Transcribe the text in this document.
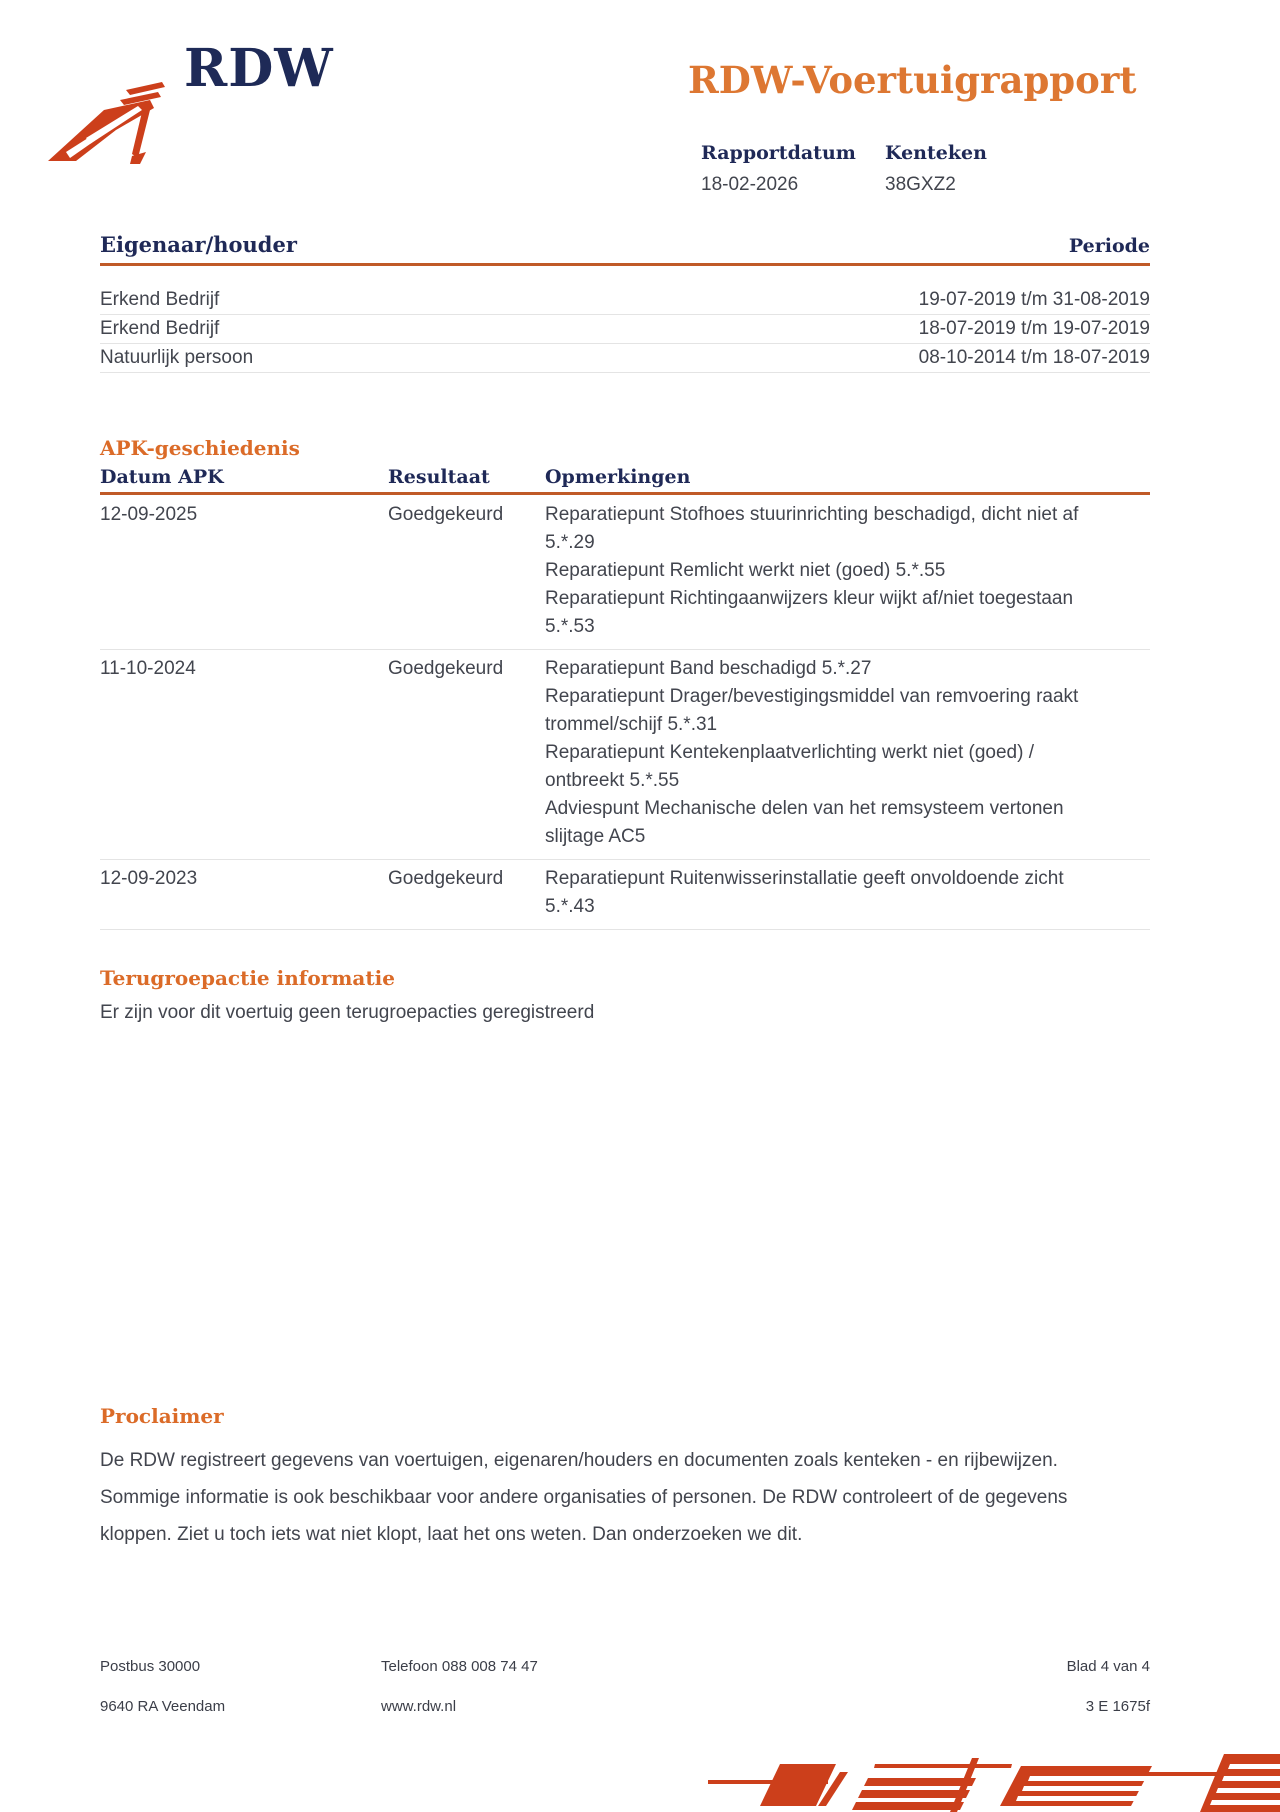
RDW	RDW-Voertuigrapport
Rapportdatum Kenteken
18-02-2026	38GXZ2
Eigenaar/houder	Periode
Erkend Bedrijf	19-07-2019 t/m 31-08-2019
Erkend Bedrijf	18-07-2019 t/m 19-07-2019
Natuurlijk persoon	08-10-2014 t/m 18-07-2019
APK-geschiedenis
Datum APK	Resultaat	Opmerkingen
12-09-2025	Goedgekeurd	Reparatiepunt Stofhoes stuurinrichting beschadigd, dicht niet af
5.*.29
Reparatiepunt Remlicht werkt niet (goed) 5.*.55
Reparatiepunt Richtingaanwijzers kleur wijkt af/niet toegestaan
5.*.53
11-10-2024	Goedgekeurd	Reparatiepunt Band beschadigd 5.*.27
Reparatiepunt Drager/bevestigingsmiddel van remvoering raakt
trommel/schijf 5.*.31
Reparatiepunt Kentekenplaatverlichting werkt niet (goed) /
ontbreekt 5.*.55
Adviespunt Mechanische delen van het remsysteem vertonen
slijtage AC5
12-09-2023	Goedgekeurd	Reparatiepunt Ruitenwisserinstallatie geeft onvoldoende zicht
5.*.43
Terugroepactie informatie
Er zijn voor dit voertuig geen terugroepacties geregistreerd
Proclaimer
De RDW registreert gegevens van voertuigen, eigenaren/houders en documenten zoals kenteken - en rijbewijzen.
Sommige informatie is ook beschikbaar voor andere organisaties of personen. De RDW controleert of de gegevens
kloppen. Ziet u toch iets wat niet klopt, laat het ons weten. Dan onderzoeken we dit.
Postbus 30000	Telefoon 088 008 74 47	Blad 4 van 4
9640 RA Veendam	www.rdw.nl	3 E 1675f
